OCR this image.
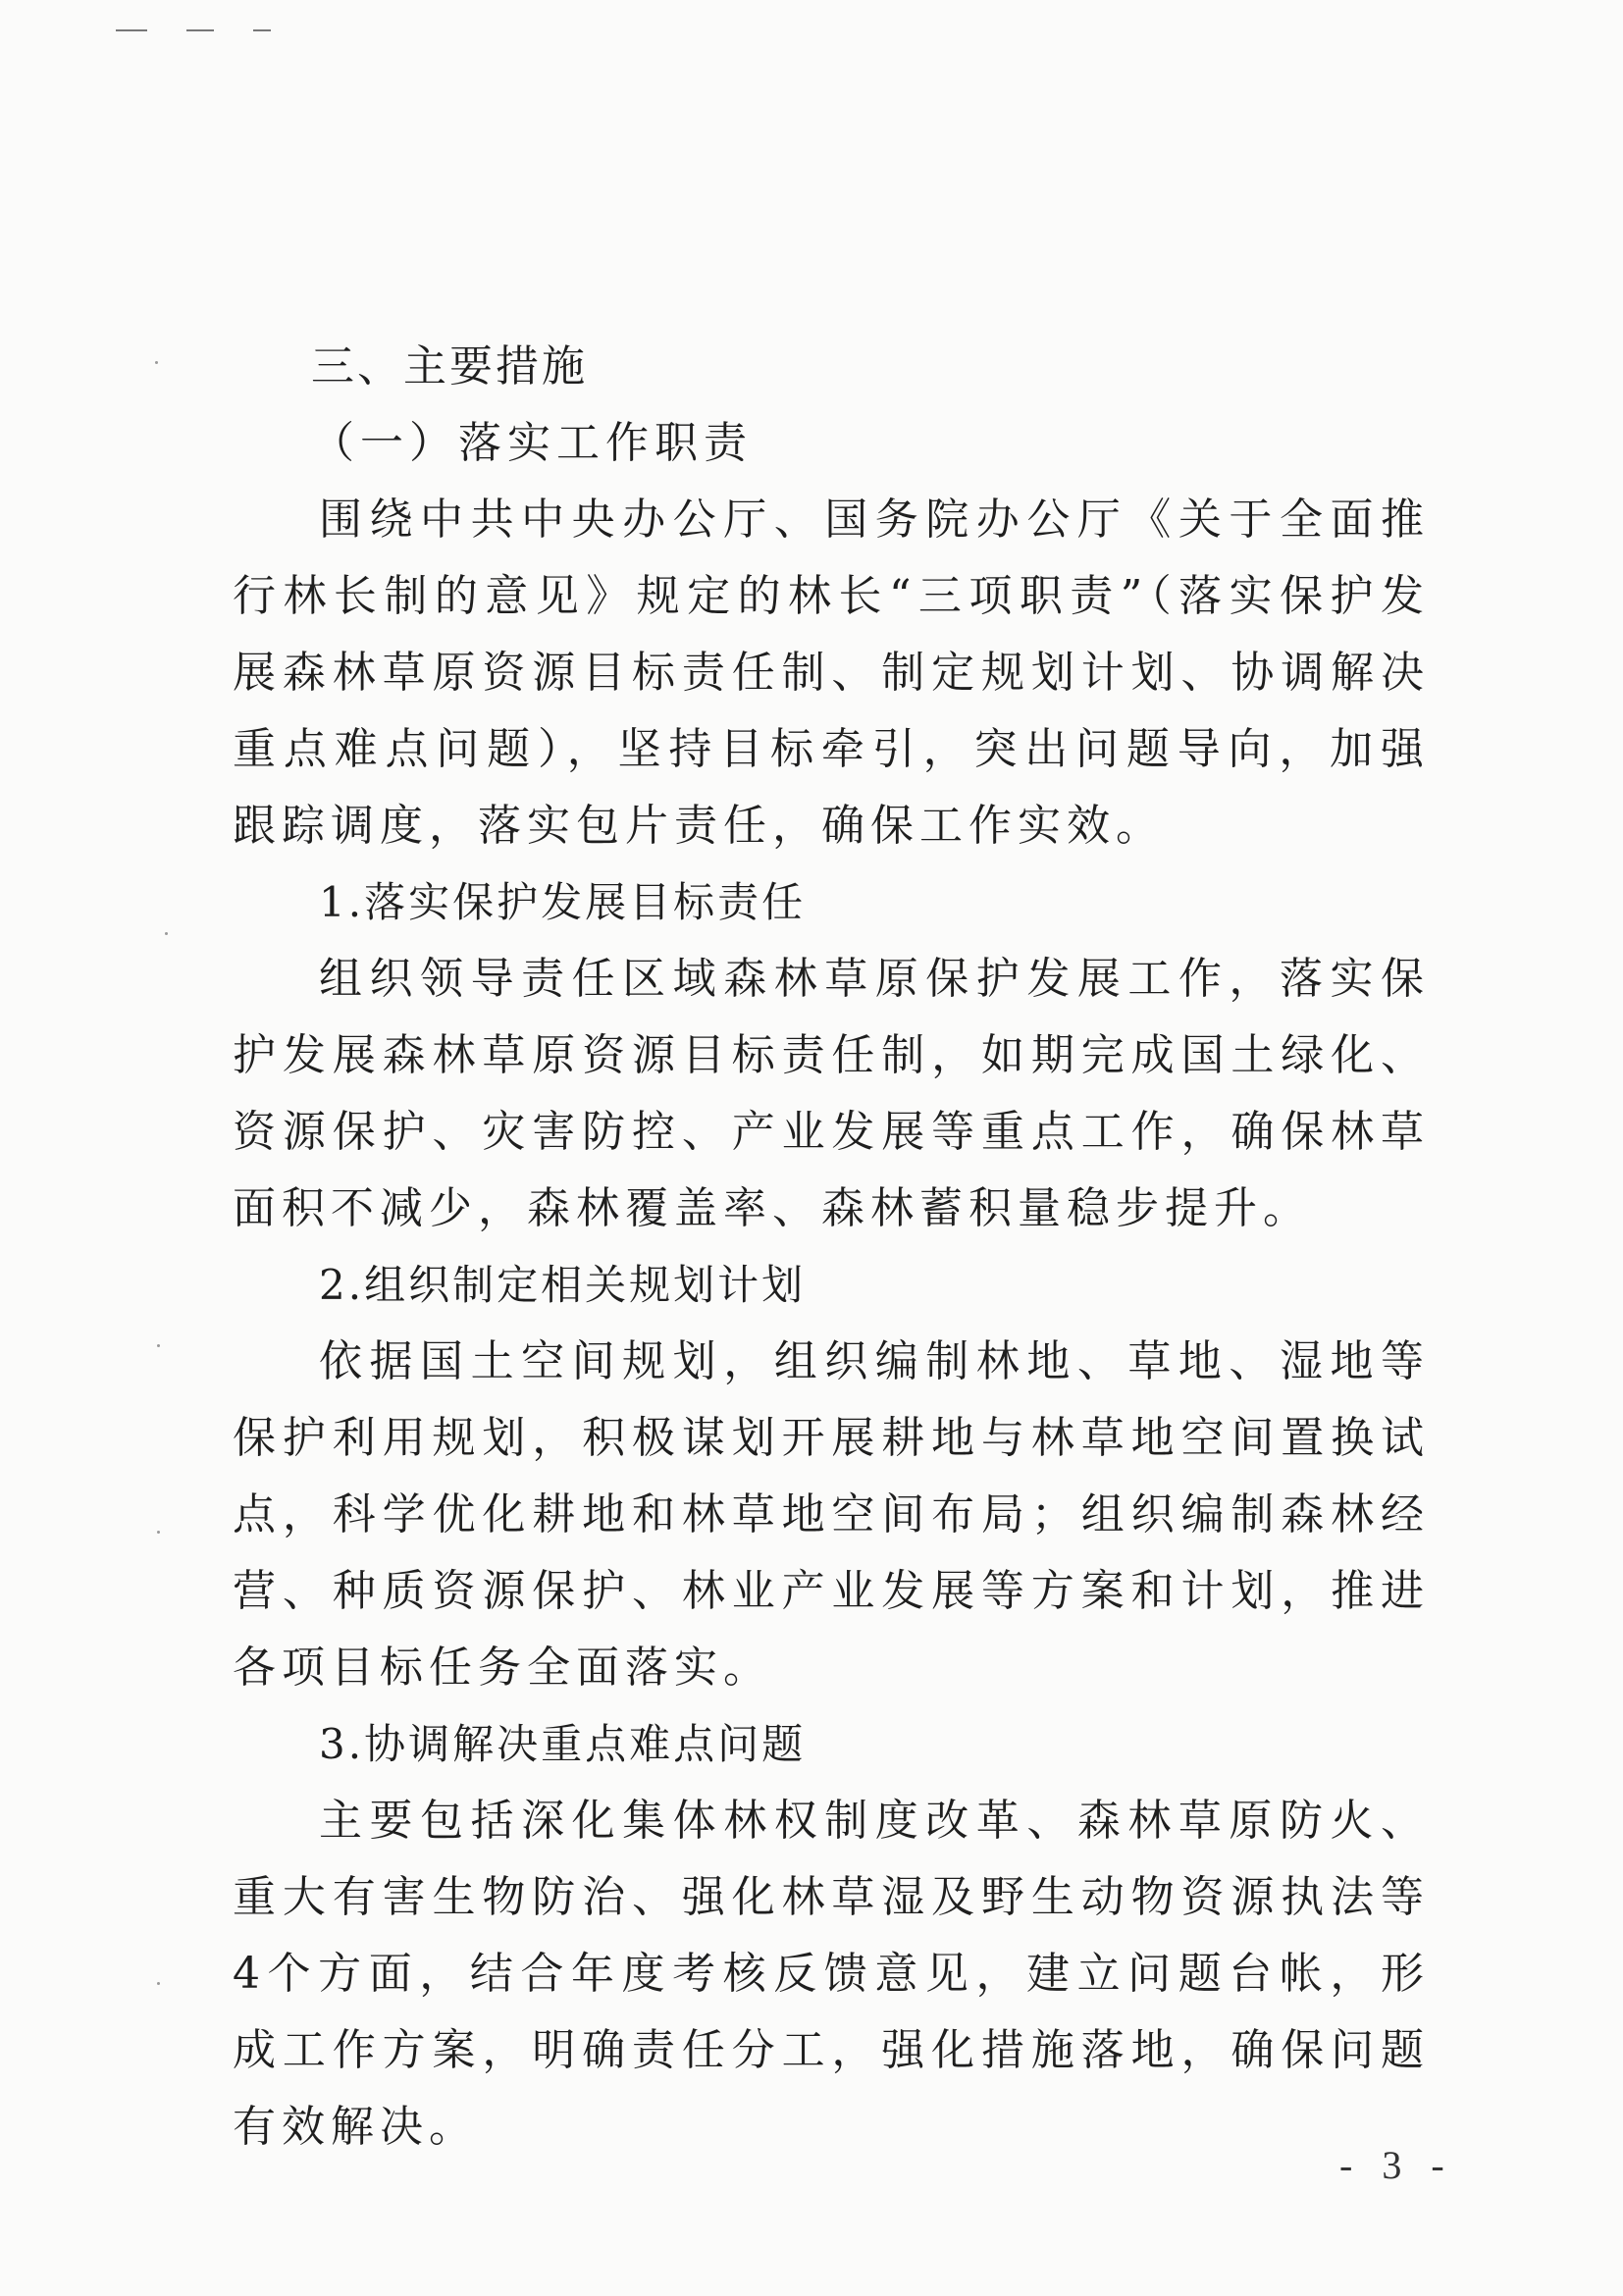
三、主要措施

（一）落实工作职责

围绕中共中央办公厅、国务院办公厅《关于全面推行林长制的意见》规定的林长“三项职责”（落实保护发展森林草原资源目标责任制、制定规划计划、协调解决重点难点问题），坚持目标牵引，突出问题导向，加强跟踪调度，落实包片责任，确保工作实效。

1.落实保护发展目标责任

组织领导责任区域森林草原保护发展工作，落实保护发展森林草原资源目标责任制，如期完成国土绿化、资源保护、灾害防控、产业发展等重点工作，确保林草面积不减少，森林覆盖率、森林蓄积量稳步提升。

2.组织制定相关规划计划

依据国土空间规划，组织编制林地、草地、湿地等保护利用规划，积极谋划开展耕地与林草地空间置换试点，科学优化耕地和林草地空间布局；组织编制森林经营、种质资源保护、林业产业发展等方案和计划，推进各项目标任务全面落实。

3.协调解决重点难点问题

主要包括深化集体林权制度改革、森林草原防火、重大有害生物防治、强化林草湿及野生动物资源执法等4个方面，结合年度考核反馈意见，建立问题台帐，形成工作方案，明确责任分工，强化措施落地，确保问题有效解决。

- 3 -
